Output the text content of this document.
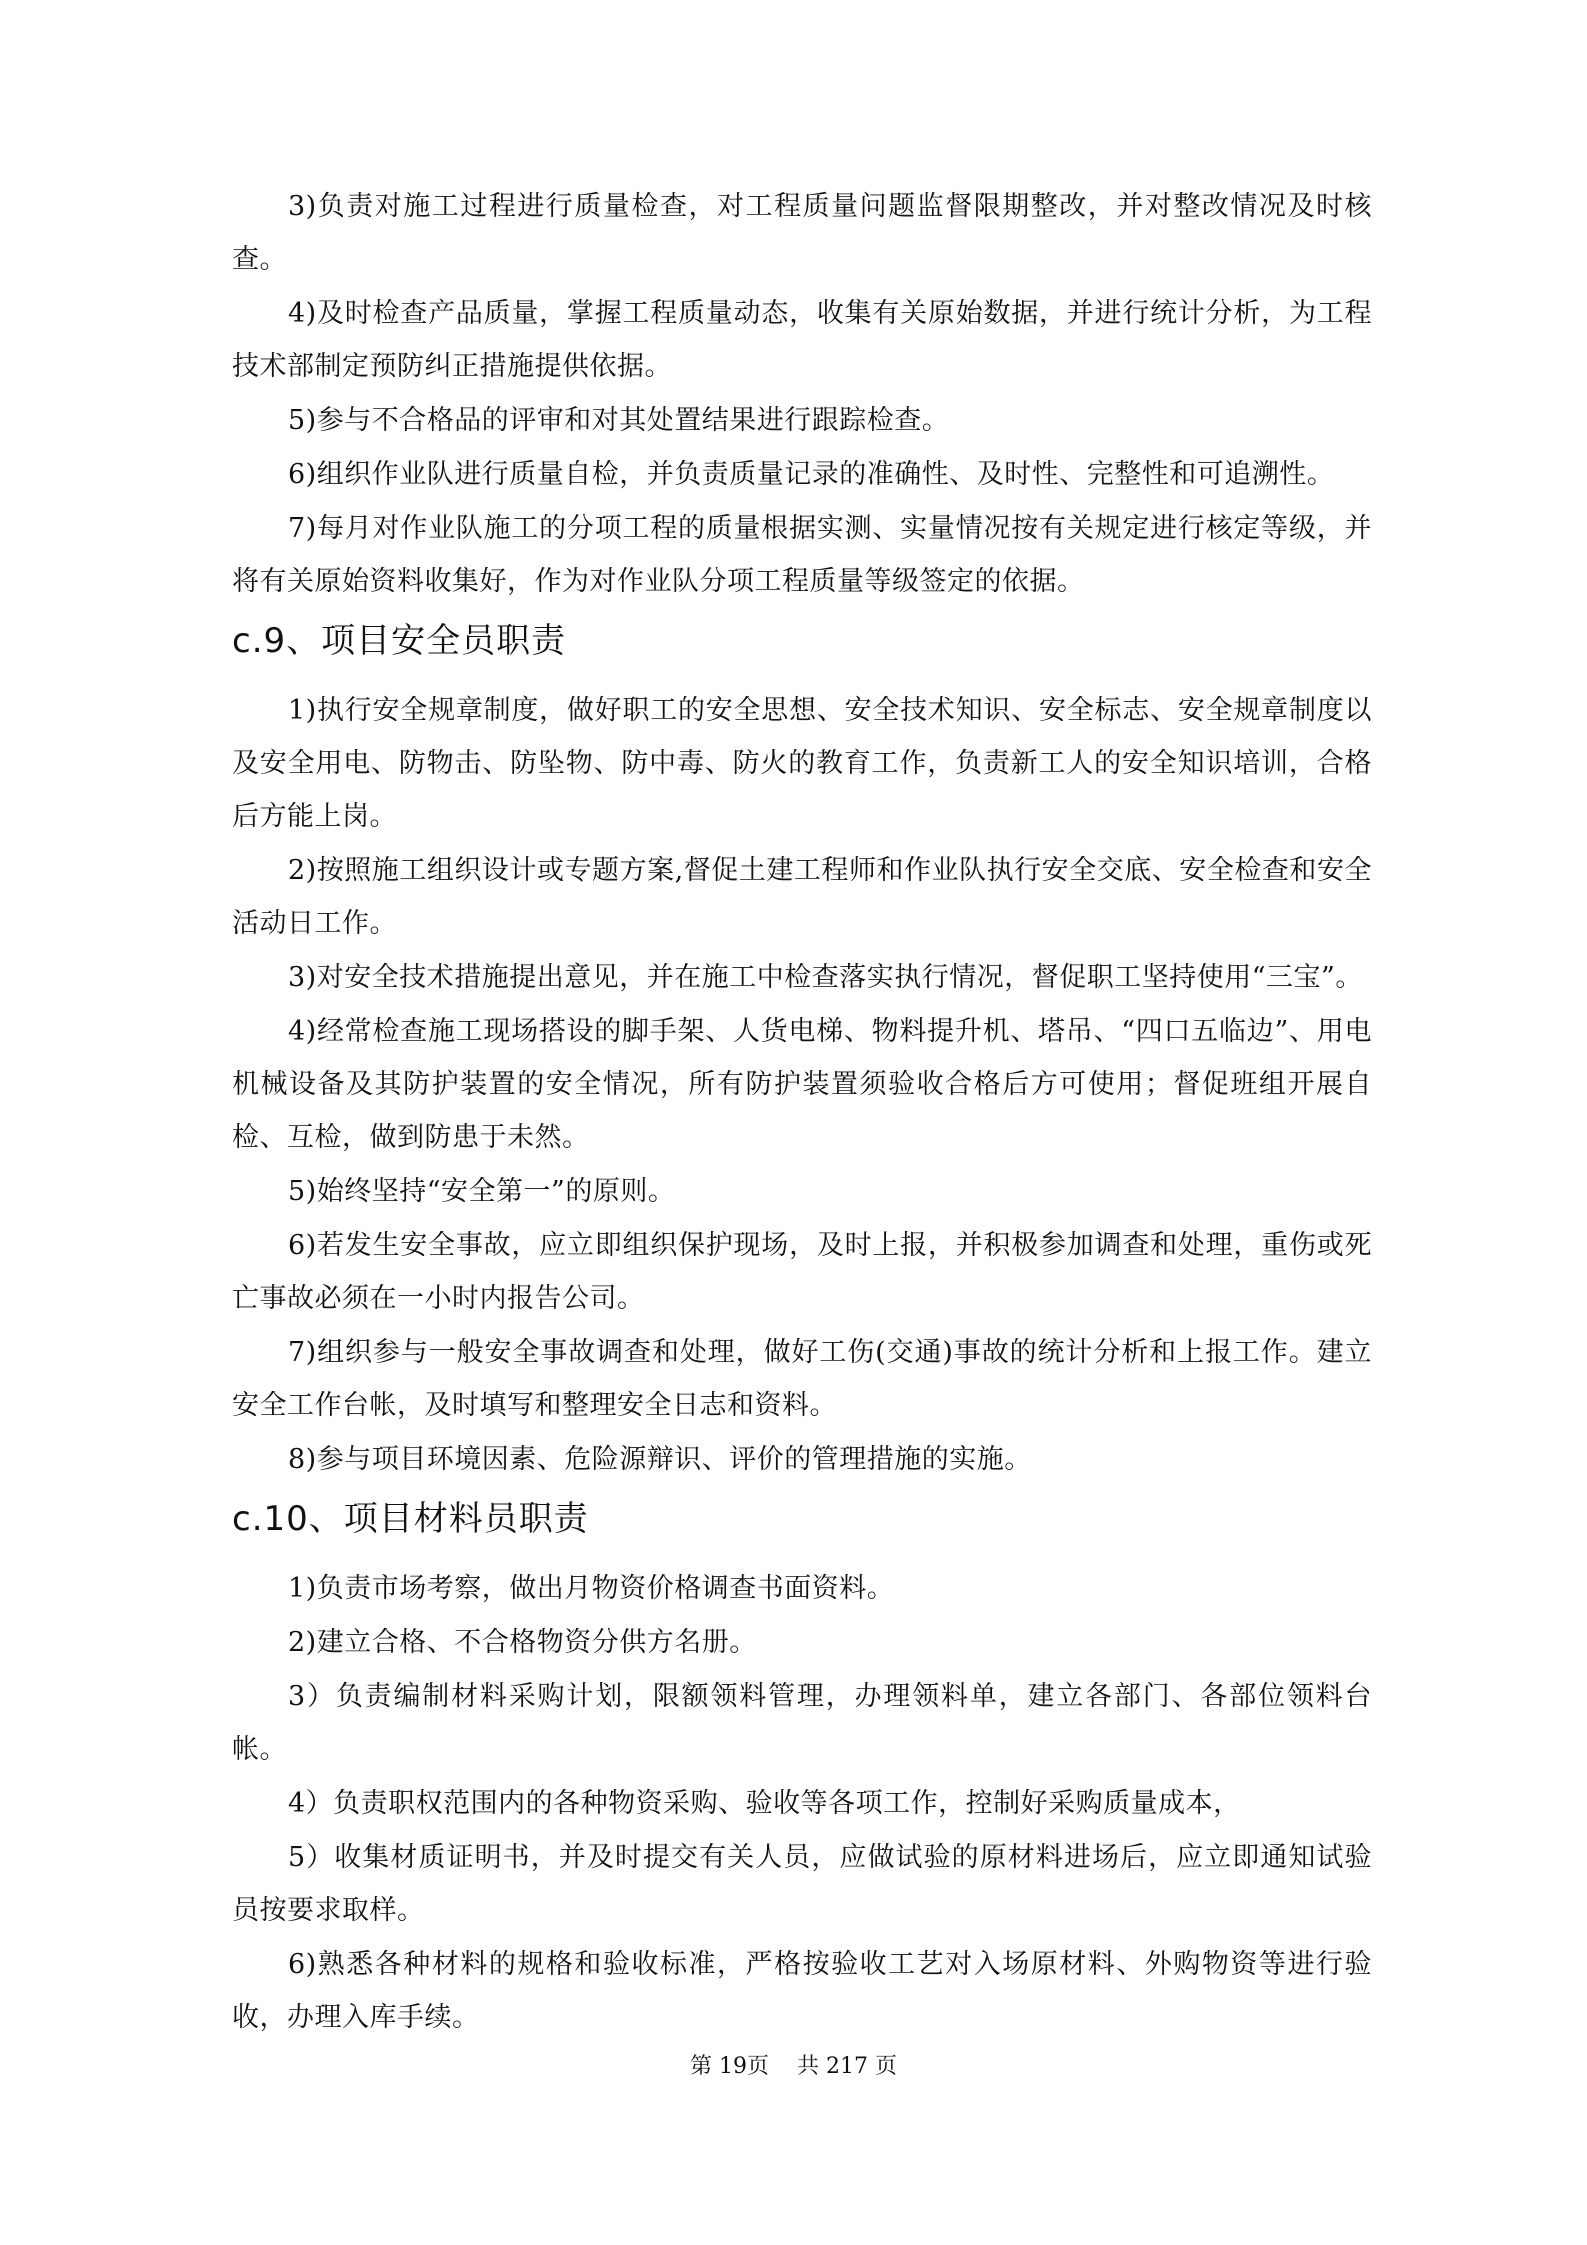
3)负责对施工过程进行质量检查，对工程质量问题监督限期整改，并对整改情况及时核查。

4)及时检查产品质量，掌握工程质量动态，收集有关原始数据，并进行统计分析，为工程技术部制定预防纠正措施提供依据。

5)参与不合格品的评审和对其处置结果进行跟踪检查。

6)组织作业队进行质量自检，并负责质量记录的准确性、及时性、完整性和可追溯性。

7)每月对作业队施工的分项工程的质量根据实测、实量情况按有关规定进行核定等级，并将有关原始资料收集好，作为对作业队分项工程质量等级签定的依据。

c.9、项目安全员职责

1)执行安全规章制度，做好职工的安全思想、安全技术知识、安全标志、安全规章制度以及安全用电、防物击、防坠物、防中毒、防火的教育工作，负责新工人的安全知识培训，合格后方能上岗。

2)按照施工组织设计或专题方案,督促土建工程师和作业队执行安全交底、安全检查和安全活动日工作。

3)对安全技术措施提出意见，并在施工中检查落实执行情况，督促职工坚持使用“三宝”。

4)经常检查施工现场搭设的脚手架、人货电梯、物料提升机、塔吊、“四口五临边”、用电机械设备及其防护装置的安全情况，所有防护装置须验收合格后方可使用；督促班组开展自检、互检，做到防患于未然。

5)始终坚持“安全第一”的原则。

6)若发生安全事故，应立即组织保护现场，及时上报，并积极参加调查和处理，重伤或死亡事故必须在一小时内报告公司。

7)组织参与一般安全事故调查和处理，做好工伤(交通)事故的统计分析和上报工作。建立安全工作台帐，及时填写和整理安全日志和资料。

8)参与项目环境因素、危险源辩识、评价的管理措施的实施。

c.10、项目材料员职责

1)负责市场考察，做出月物资价格调查书面资料。

2)建立合格、不合格物资分供方名册。

3）负责编制材料采购计划，限额领料管理，办理领料单，建立各部门、各部位领料台帐。

4）负责职权范围内的各种物资采购、验收等各项工作，控制好采购质量成本，

5）收集材质证明书，并及时提交有关人员，应做试验的原材料进场后，应立即通知试验员按要求取样。

6)熟悉各种材料的规格和验收标准，严格按验收工艺对入场原材料、外购物资等进行验收，办理入库手续。

第 19页 共 217 页
